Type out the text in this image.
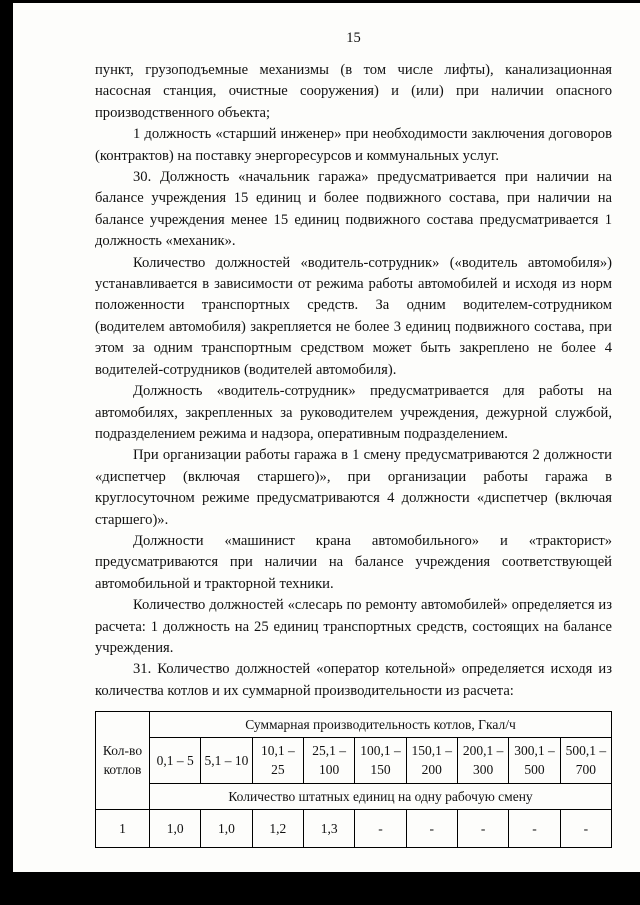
15

пункт, грузоподъемные механизмы (в том числе лифты), канализационная насосная станция, очистные сооружения) и (или) при наличии опасного производственного объекта;

1 должность «старший инженер» при необходимости заключения договоров (контрактов) на поставку энергоресурсов и коммунальных услуг.

30. Должность «начальник гаража» предусматривается при наличии на балансе учреждения 15 единиц и более подвижного состава, при наличии на балансе учреждения менее 15 единиц подвижного состава предусматривается 1 должность «механик».

Количество должностей «водитель-сотрудник» («водитель автомобиля») устанавливается в зависимости от режима работы автомобилей и исходя из норм положенности транспортных средств. За одним водителем-сотрудником (водителем автомобиля) закрепляется не более 3 единиц подвижного состава, при этом за одним транспортным средством может быть закреплено не более 4 водителей-сотрудников (водителей автомобиля).

Должность «водитель-сотрудник» предусматривается для работы на автомобилях, закрепленных за руководителем учреждения, дежурной службой, подразделением режима и надзора, оперативным подразделением.

При организации работы гаража в 1 смену предусматриваются 2 должности «диспетчер (включая старшего)», при организации работы гаража в круглосуточном режиме предусматриваются 4 должности «диспетчер (включая старшего)».

Должности «машинист крана автомобильного» и «тракторист» предусматриваются при наличии на балансе учреждения соответствующей автомобильной и тракторной техники.

Количество должностей «слесарь по ремонту автомобилей» определяется из расчета: 1 должность на 25 единиц транспортных средств, состоящих на балансе учреждения.

31. Количество должностей «оператор котельной» определяется исходя из количества котлов и их суммарной производительности из расчета:

Кол-во котлов	Суммарная производительность котлов, Гкал/ч								
	0,1 – 5	5,1 – 10	10,1 – 25	25,1 – 100	100,1 – 150	150,1 – 200	200,1 – 300	300,1 – 500	500,1 – 700
	Количество штатных единиц на одну рабочую смену								
1	1,0	1,0	1,2	1,3	-	-	-	-	-
